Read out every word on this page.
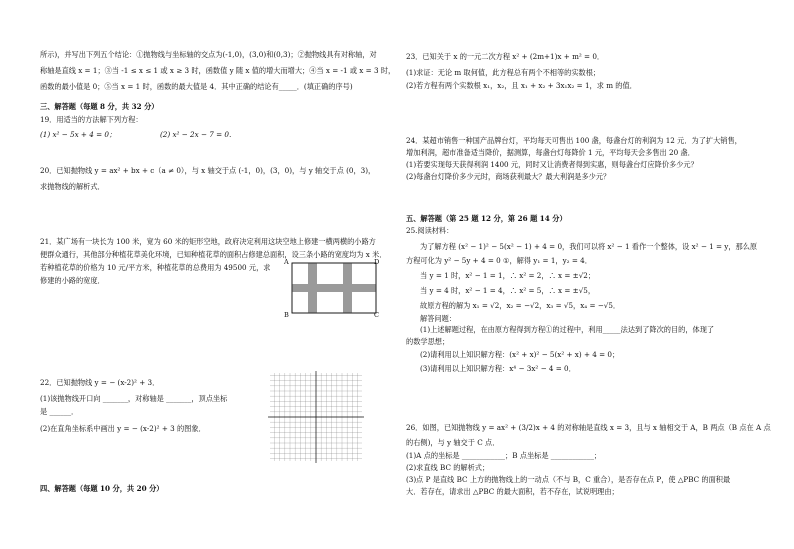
所示)，并写出下列五个结论：①抛物线与坐标轴的交点为(-1,0)，(3,0)和(0,3)；②抛物线具有对称轴，对
称轴是直线 x = 1；③当 -1 ≤ x ≤ 1 或 x ≥ 3 时，函数值 y 随 x 值的增大而增大；④当 x = -1 或 x = 3 时，
函数的最小值是 0；⑤当 x = 1 时，函数的最大值是 4．其中正确的结论有_____．(填正确的序号)
三、解答题（每题 8 分，共 32 分）
19．用适当的方法解下列方程：
(1) x² − 5x + 4 = 0；	(2) x² − 2x − 7 = 0．
20．已知抛物线 y = ax² + bx + c（a ≠ 0），与 x 轴交于点 (-1，0)，(3，0)，与 y 轴交于点 (0，3)，
求抛物线的解析式．
21．某广场有一块长为 100 米，宽为 60 米的矩形空地，政府决定利用这块空地上修建一横两横的小路方
便群众通行，其他部分种植花草美化环境，已知种植花草的面积占修建总面积，设三条小路的宽度均为 x 米．
若种植花草的价格为 10 元/平方米，种植花草的总费用为 49500 元，求
修建的小路的宽度．
A	D
B	C
22．已知抛物线 y = − (x-2)² + 3．
(1)该抛物线开口向 _______，对称轴是 _______，顶点坐标
是 ______．
(2)在直角坐标系中画出 y = − (x-2)² + 3 的图象．
四、解答题（每题 10 分，共 20 分）
23．已知关于 x 的一元二次方程 x² + (2m+1)x + m² = 0．
(1)求证：无论 m 取何值，此方程总有两个不相等的实数根；
(2)若方程有两个实数根 x₁，x₂，且 x₁ + x₂ + 3x₁x₂ = 1，求 m 的值．
24．某超市销售一种国产品牌台灯，平均每天可售出 100 盏，每盏台灯的利润为 12 元．为了扩大销售，
增加利润，超市准备适当降价，据测算，每盏台灯每降价 1 元，平均每天会多售出 20 盏．
(1)若要实现每天获得利润 1400 元，同时又让消费者得到实惠，则每盏台灯应降价多少元？
(2)每盏台灯降价多少元时，商场获利最大？最大利润是多少元？
五、解答题（第 25 题 12 分，第 26 题 14 分）
25.阅读材料：
为了解方程 (x² − 1)² − 5(x² − 1) + 4 = 0，我们可以将 x² − 1 看作一个整体，设 x² − 1 = y，那么原
方程可化为 y² − 5y + 4 = 0 ①，解得 y₁ = 1，y₂ = 4．
当 y = 1 时，x² − 1 = 1，∴ x² = 2，∴ x = ±√2；
当 y = 4 时，x² − 1 = 4，∴ x² = 5，∴ x = ±√5，
故原方程的解为 x₁ = √2，x₂ = −√2，x₃ = √5，x₄ = −√5．
解答问题：
(1)上述解题过程，在由原方程得到方程①的过程中，利用_____法达到了降次的目的，体现了
的数学思想；
(2)请利用以上知识解方程：(x² + x)² − 5(x² + x) + 4 = 0；
(3)请利用以上知识解方程：x⁴ − 3x² − 4 = 0．
26．如图，已知抛物线 y = ax² + (3/2)x + 4 的对称轴是直线 x = 3，且与 x 轴相交于 A，B 两点（B 点在 A 点
的右侧)，与 y 轴交于 C 点．
(1)A 点的坐标是 ____________；B 点坐标是 ____________；
(2)求直线 BC 的解析式；
(3)点 P 是直线 BC 上方的抛物线上的一动点（不与 B，C 重合），是否存在点 P，使 △PBC 的面积最
大．若存在，请求出 △PBC 的最大面积，若不存在，试说明理由；
